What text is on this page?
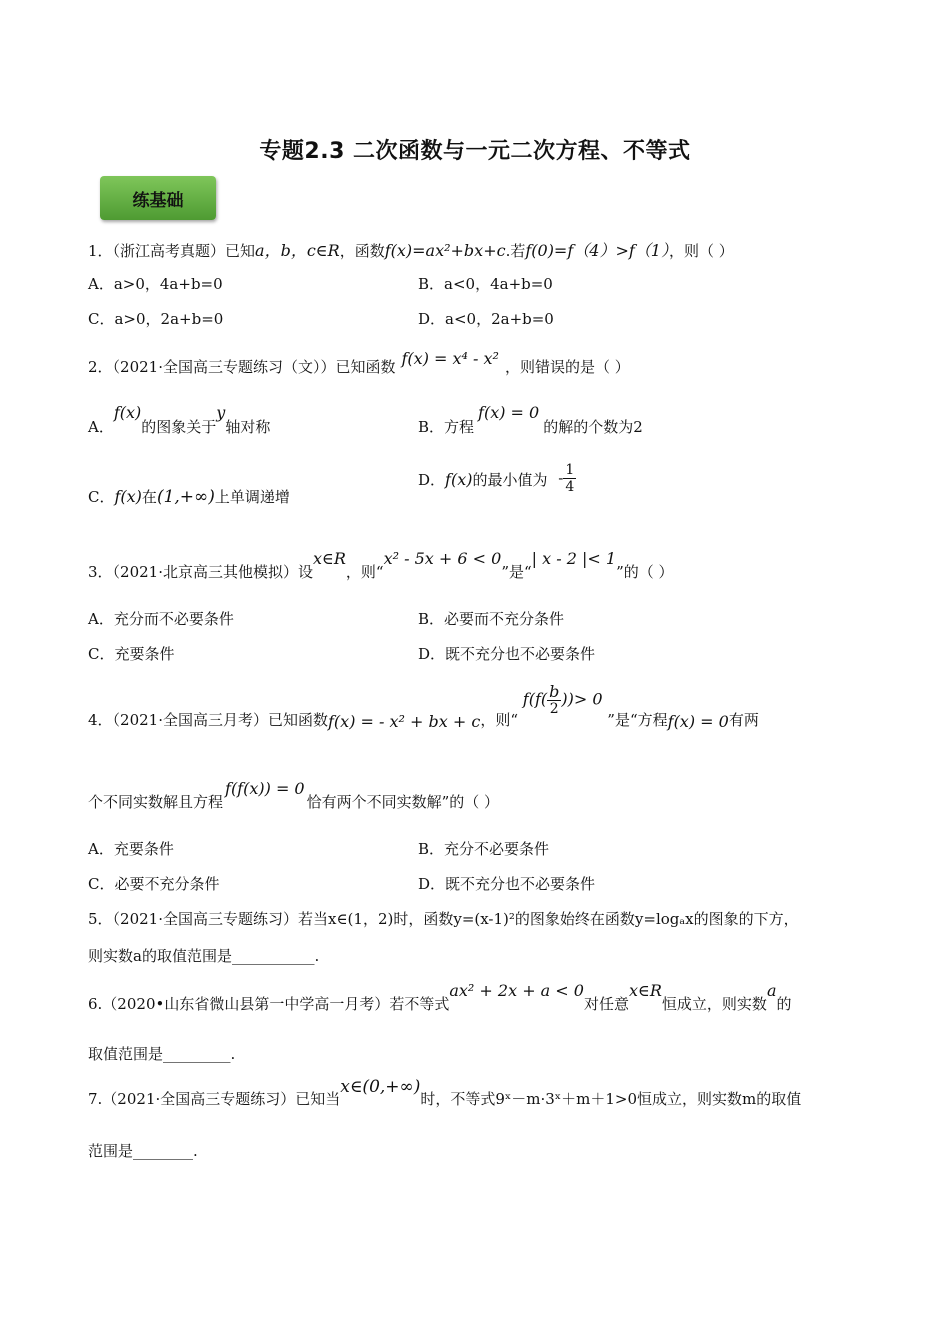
专题2.3 二次函数与一元二次方程、不等式
练基础
1．（浙江高考真题）已知a，b，c∈R，函数f(x)=ax²+bx+c.若f(0)=f（4）>f（1），则（ ）
A．a>0，4a+b=0	B．a<0，4a+b=0
C．a>0，2a+b=0	D．a<0，2a+b=0
2．（2021·全国高三专题练习（文））已知函数 f(x) = x⁴ - x² ，则错误的是（ ）
A．f(x)的图象关于y轴对称	B．方程f(x) = 0的解的个数为2
C．f(x)在(1,+∞)上单调递增
D．f(x)的最小值为 - $\frac{1}{4}$
3．（2021·北京高三其他模拟）设x∈R，则“x² - 5x + 6 < 0”是“| x - 2 |< 1”的（ ）
A．充分而不必要条件	B．必要而不充分条件
C．充要条件	D．既不充分也不必要条件
4．（2021·全国高三月考）已知函数f(x) = - x² + bx + c，则“ $f(f( \frac{b}{2}$ ))> 0 ”是“方程f(x) = 0有两
个不同实数解且方程f(f(x)) = 0恰有两个不同实数解”的（ ）
A．充要条件	B．充分不必要条件
C．必要不充分条件	D．既不充分也不必要条件
5．（2021·全国高三专题练习）若当x∈(1，2)时，函数y=(x-1)²的图象始终在函数y=logₐx的图象的下方，
则实数a的取值范围是___________.
6.（2020•山东省微山县第一中学高一月考）若不等式ax² + 2x + a < 0对任意x∈R恒成立，则实数a的
取值范围是_________.
7.（2021·全国高三专题练习）已知当x∈(0,+∞)时，不等式9ˣ－m·3ˣ＋m＋1>0恒成立，则实数m的取值
范围是________.
